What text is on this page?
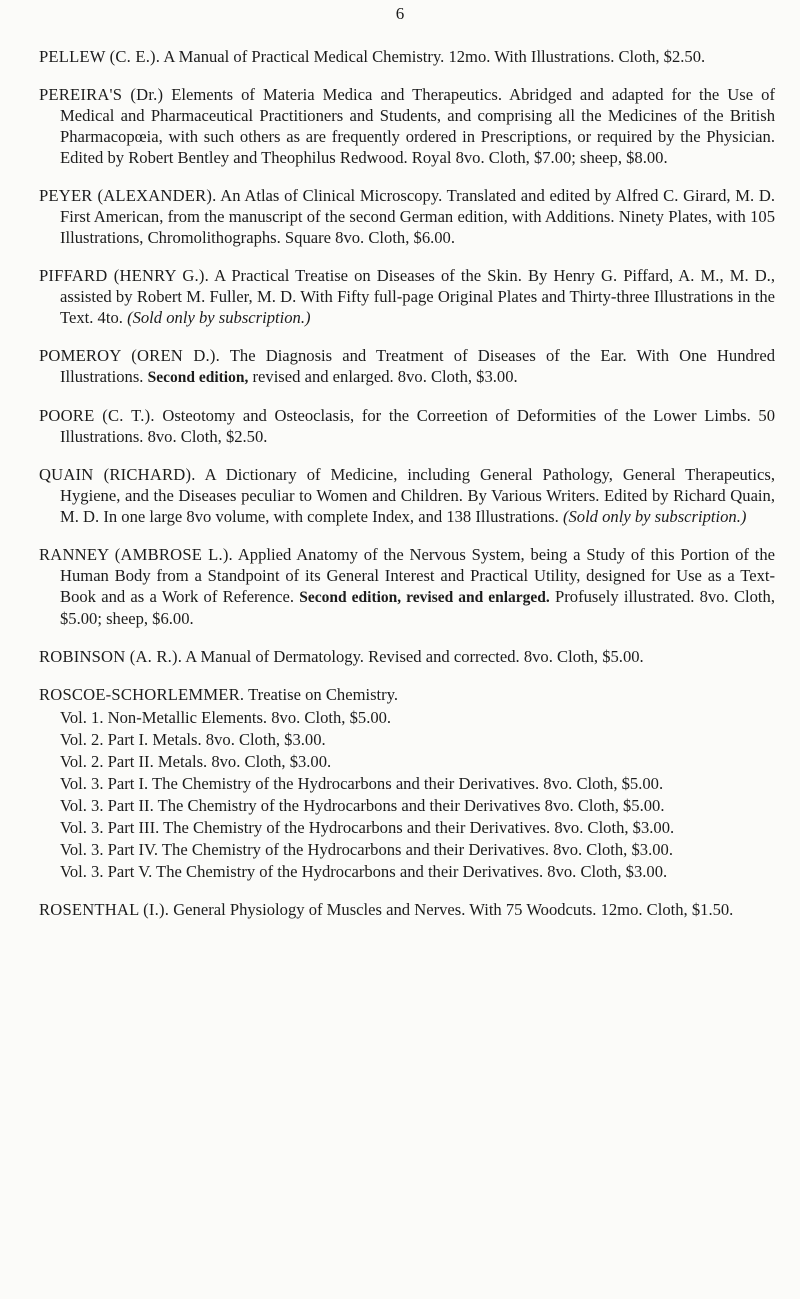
6

PELLEW (C. E.). A Manual of Practical Medical Chemistry. 12mo. With Illustrations. Cloth, $2.50.

PEREIRA'S (Dr.) Elements of Materia Medica and Therapeutics. Abridged and adapted for the Use of Medical and Pharmaceutical Practitioners and Students, and comprising all the Medicines of the British Pharmacopœia, with such others as are frequently ordered in Prescriptions, or required by the Physician. Edited by Robert Bentley and Theophilus Redwood. Royal 8vo. Cloth, $7.00; sheep, $8.00.

PEYER (ALEXANDER). An Atlas of Clinical Microscopy. Translated and edited by Alfred C. Girard, M. D. First American, from the manuscript of the second German edition, with Additions. Ninety Plates, with 105 Illustrations, Chromolithographs. Square 8vo. Cloth, $6.00.

PIFFARD (HENRY G.). A Practical Treatise on Diseases of the Skin. By Henry G. Piffard, A. M., M. D., assisted by Robert M. Fuller, M. D. With Fifty full-page Original Plates and Thirty-three Illustrations in the Text. 4to. (Sold only by subscription.)

POMEROY (OREN D.). The Diagnosis and Treatment of Diseases of the Ear. With One Hundred Illustrations. Second edition, revised and enlarged. 8vo. Cloth, $3.00.

POORE (C. T.). Osteotomy and Osteoclasis, for the Correetion of Deformities of the Lower Limbs. 50 Illustrations. 8vo. Cloth, $2.50.

QUAIN (RICHARD). A Dictionary of Medicine, including General Pathology, General Therapeutics, Hygiene, and the Diseases peculiar to Women and Children. By Various Writers. Edited by Richard Quain, M. D. In one large 8vo volume, with complete Index, and 138 Illustrations. (Sold only by subscription.)

RANNEY (AMBROSE L.). Applied Anatomy of the Nervous System, being a Study of this Portion of the Human Body from a Standpoint of its General Interest and Practical Utility, designed for Use as a Text-Book and as a Work of Reference. Second edition, revised and enlarged. Profusely illustrated. 8vo. Cloth, $5.00; sheep, $6.00.

ROBINSON (A. R.). A Manual of Dermatology. Revised and corrected. 8vo. Cloth, $5.00.

ROSCOE-SCHORLEMMER. Treatise on Chemistry.

Vol. 1. Non-Metallic Elements. 8vo. Cloth, $5.00.

Vol. 2. Part I. Metals. 8vo. Cloth, $3.00.

Vol. 2. Part II. Metals. 8vo. Cloth, $3.00.

Vol. 3. Part I. The Chemistry of the Hydrocarbons and their Derivatives. 8vo. Cloth, $5.00.

Vol. 3. Part II. The Chemistry of the Hydrocarbons and their Derivatives 8vo. Cloth, $5.00.

Vol. 3. Part III. The Chemistry of the Hydrocarbons and their Derivatives. 8vo. Cloth, $3.00.

Vol. 3. Part IV. The Chemistry of the Hydrocarbons and their Derivatives. 8vo. Cloth, $3.00.

Vol. 3. Part V. The Chemistry of the Hydrocarbons and their Derivatives. 8vo. Cloth, $3.00.

ROSENTHAL (I.). General Physiology of Muscles and Nerves. With 75 Woodcuts. 12mo. Cloth, $1.50.
